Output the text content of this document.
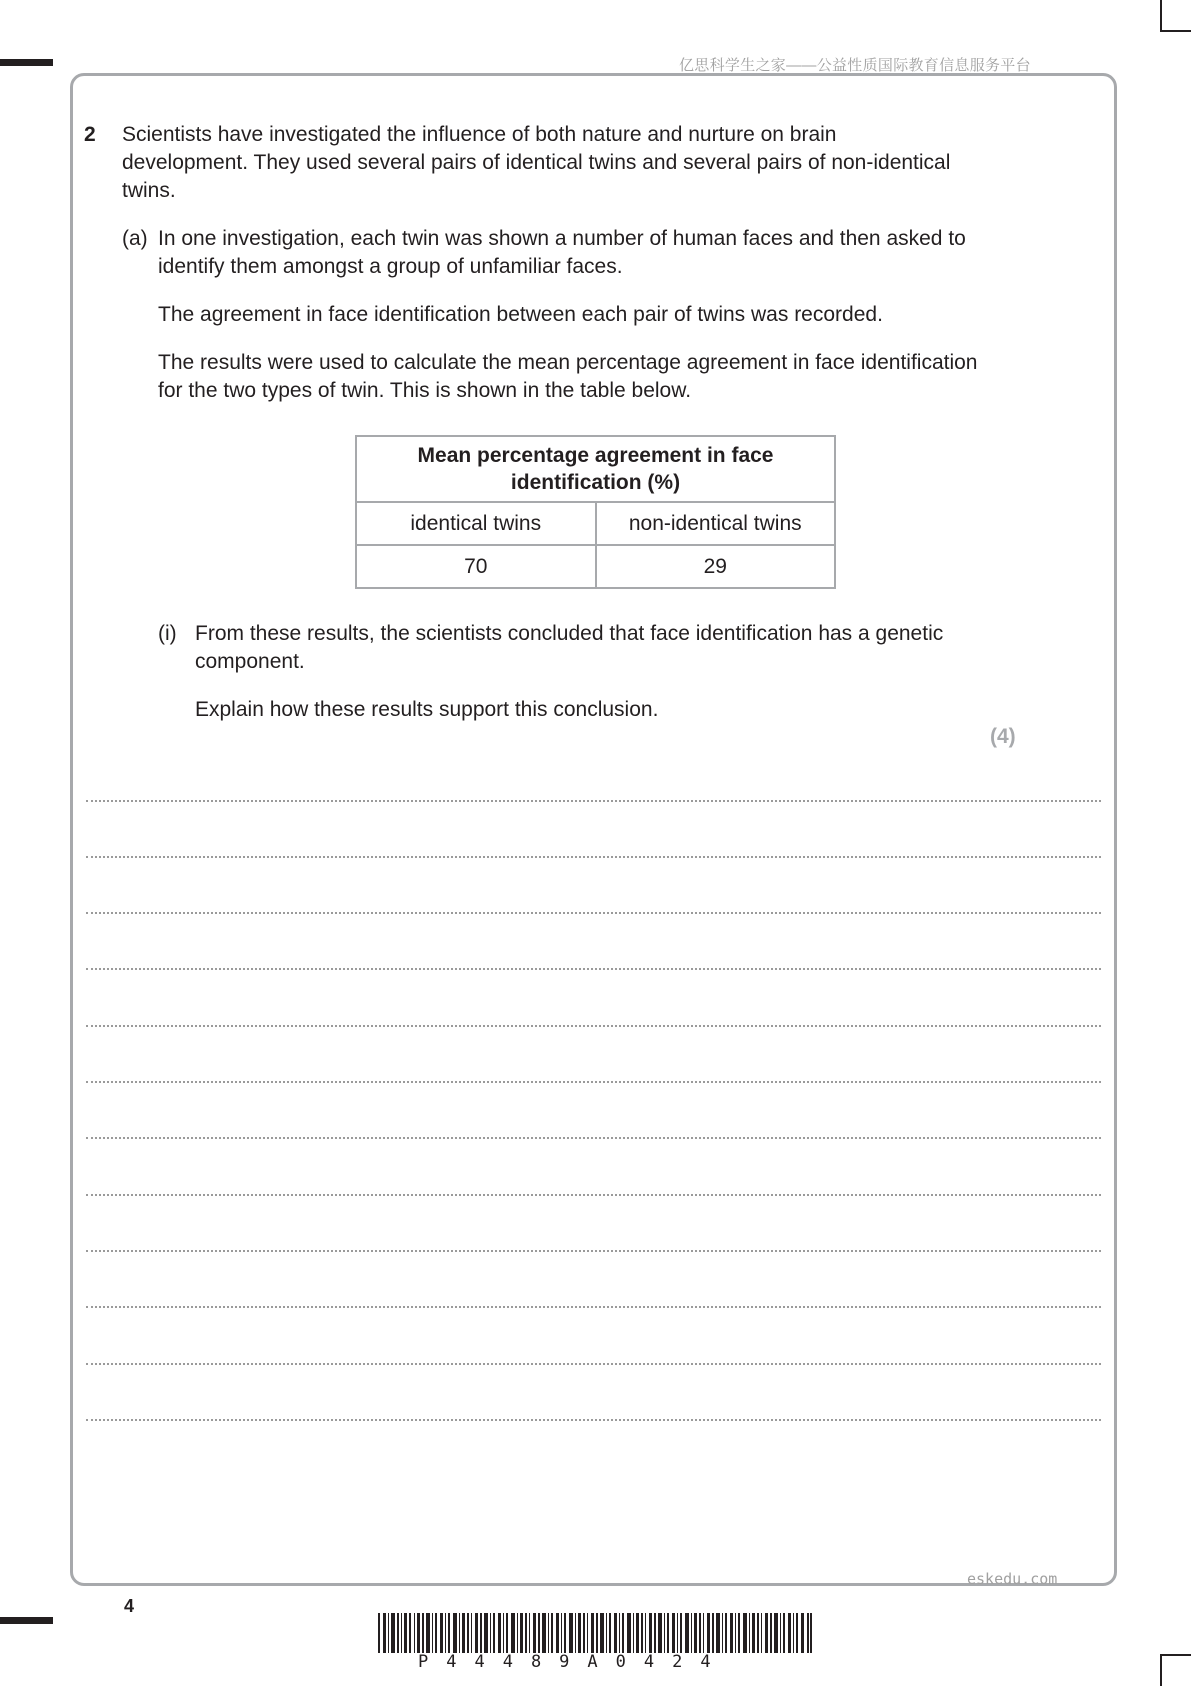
亿思科学生之家——公益性质国际教育信息服务平台
2 Scientists have investigated the influence of both nature and nurture on brain development. They used several pairs of identical twins and several pairs of non-identical twins.
(a) In one investigation, each twin was shown a number of human faces and then asked to identify them amongst a group of unfamiliar faces.
The agreement in face identification between each pair of twins was recorded.
The results were used to calculate the mean percentage agreement in face identification for the two types of twin. This is shown in the table below.
Mean percentage agreement in face identification (%)	
identical twins	non-identical twins
70	29
(i) From these results, the scientists concluded that face identification has a genetic component.
Explain how these results support this conclusion.
(4)
eskedu.com
4
P44489A0424
